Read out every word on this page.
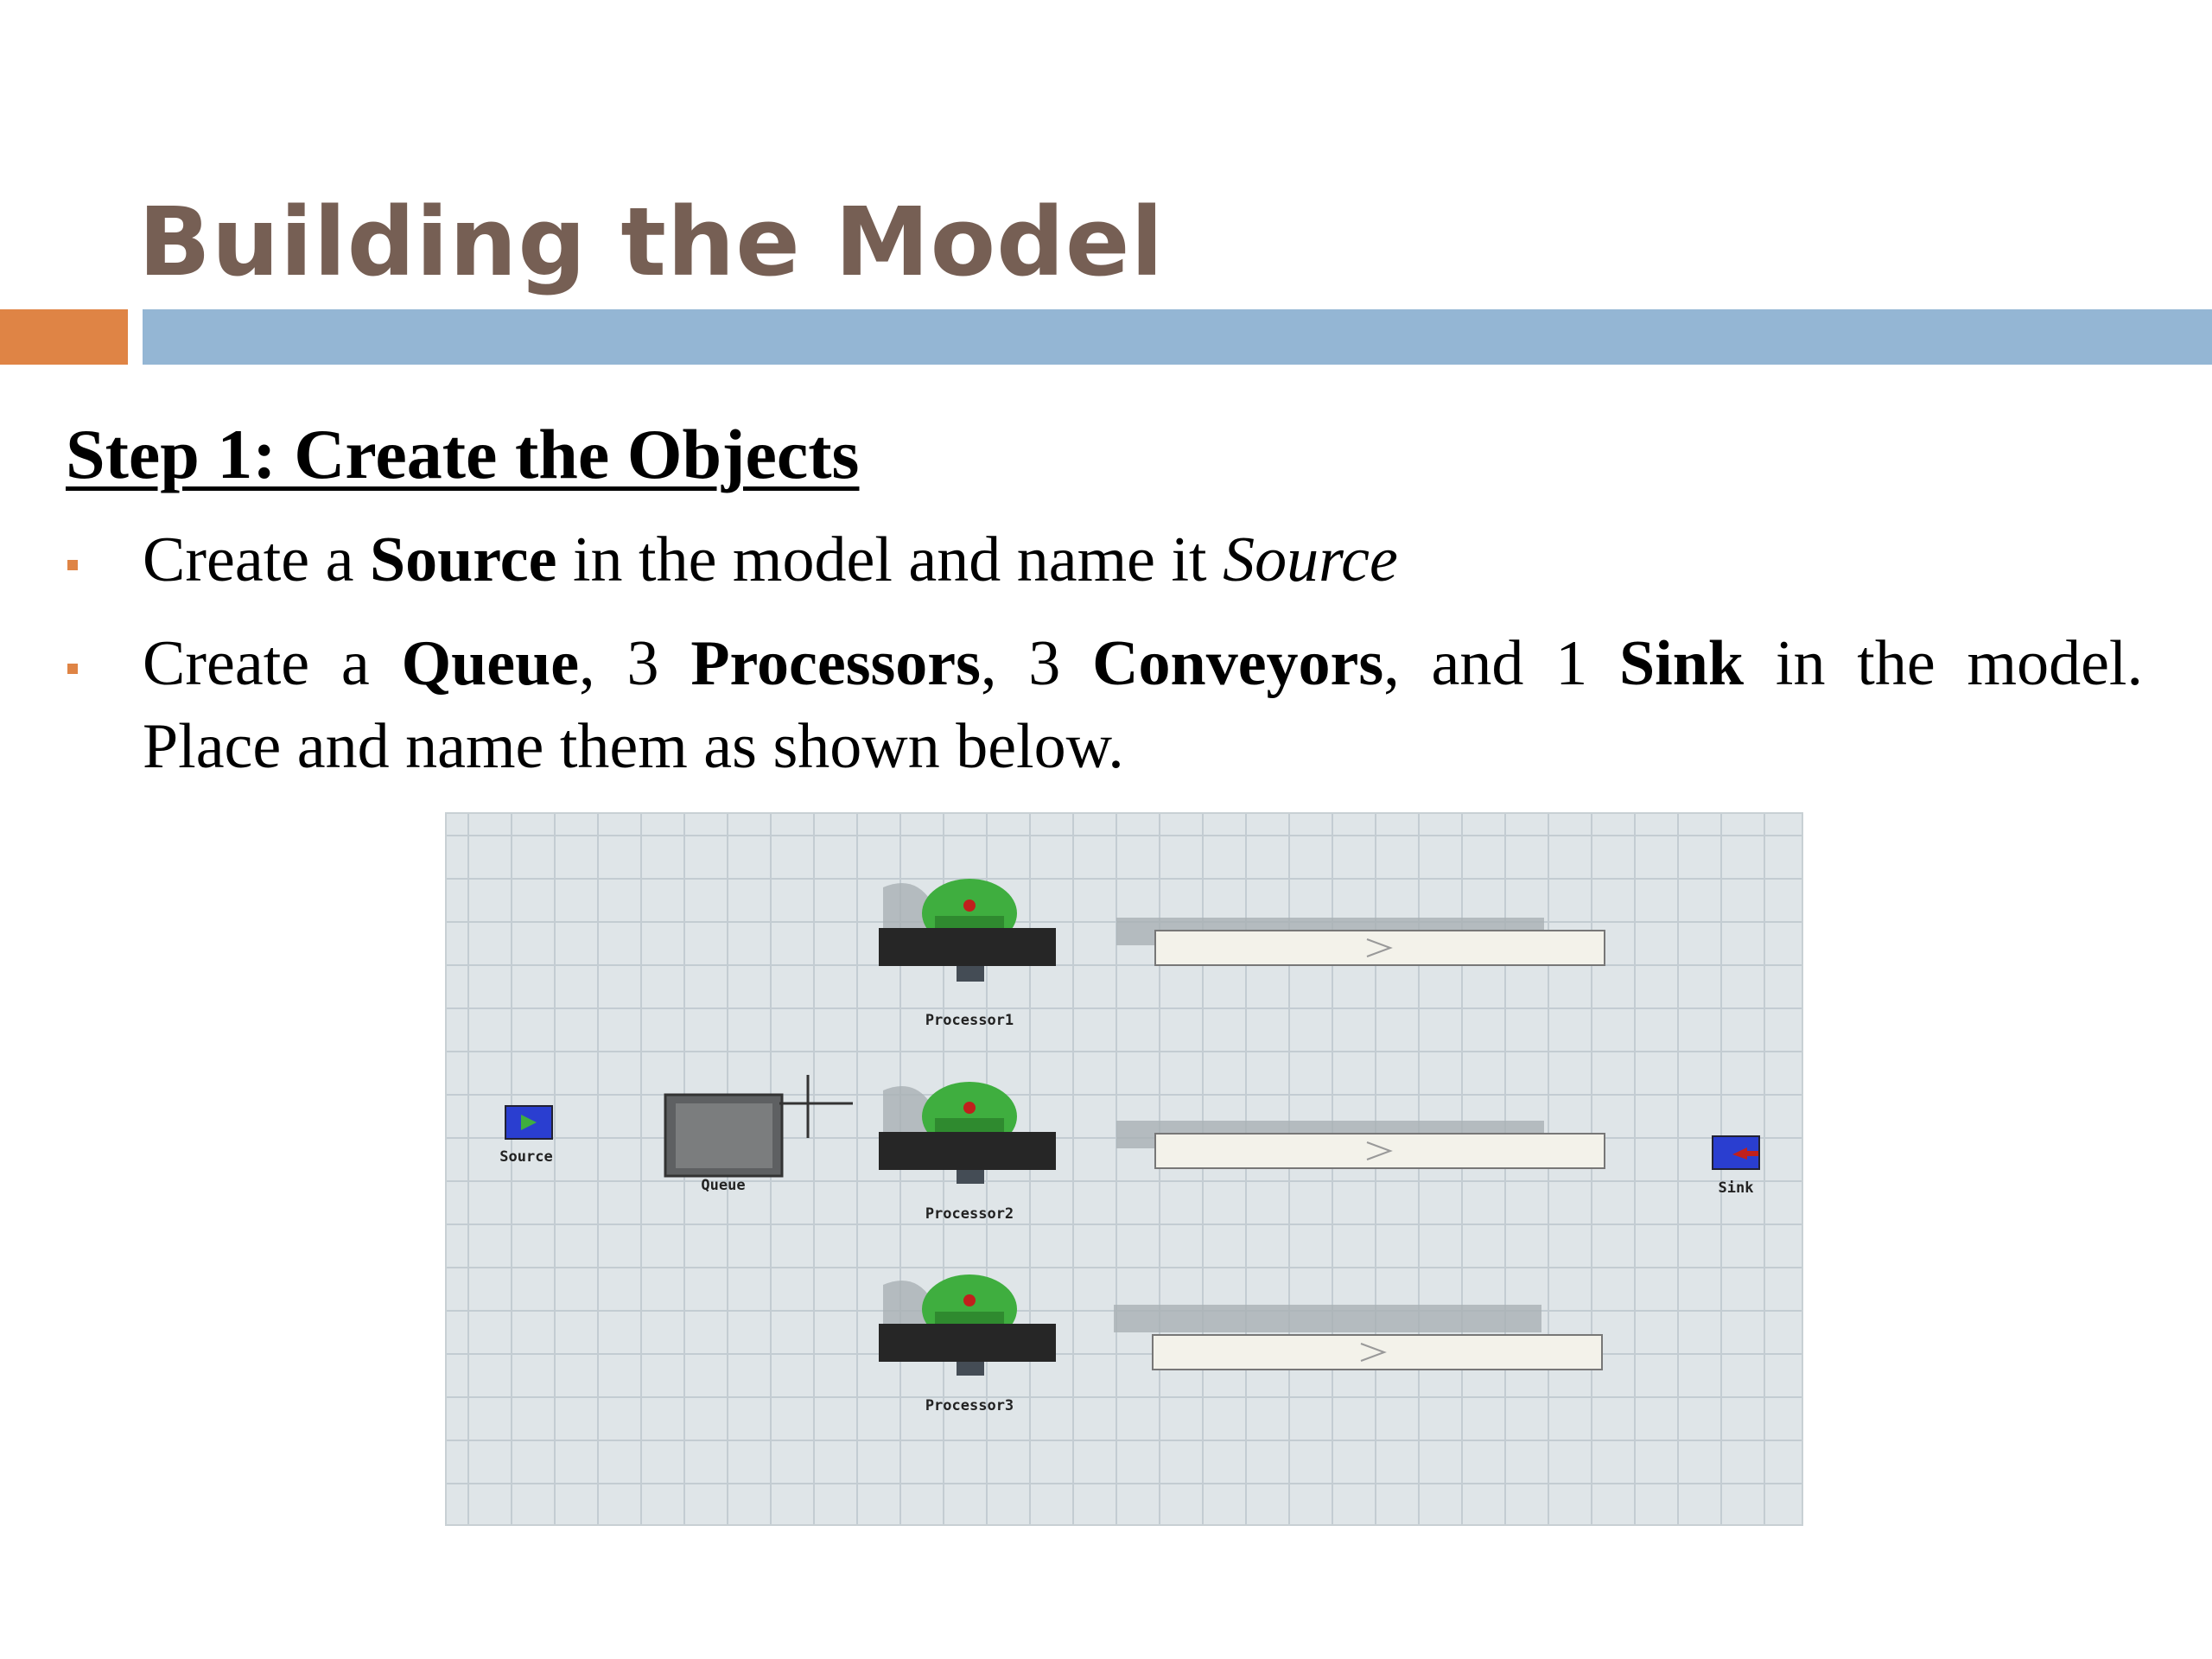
Building the Model
Step 1: Create the Objects
Create a Source in the model and name it Source
Create a Queue, 3 Processors, 3 Conveyors, and 1 Sink in the model.
Place and name them as shown below.
Processor1
Source
Queue
Processor2
Sink
Processor3
